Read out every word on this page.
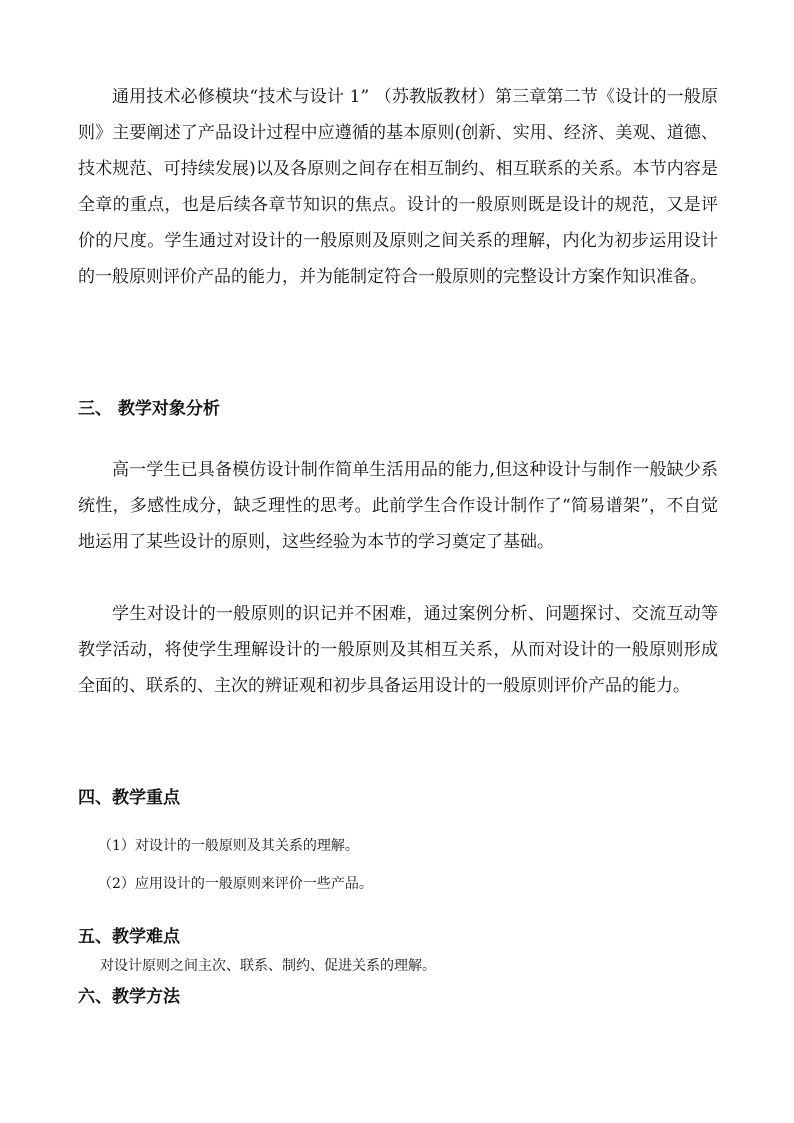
通用技术必修模块“技术与设计 1” （苏教版教材）第三章第二节《设计的一般原则》主要阐述了产品设计过程中应遵循的基本原则(创新、实用、经济、美观、道德、技术规范、可持续发展)以及各原则之间存在相互制约、相互联系的关系。本节内容是全章的重点，也是后续各章节知识的焦点。设计的一般原则既是设计的规范，又是评价的尺度。学生通过对设计的一般原则及原则之间关系的理解，内化为初步运用设计的一般原则评价产品的能力，并为能制定符合一般原则的完整设计方案作知识准备。

三、 教学对象分析

高一学生已具备模仿设计制作简单生活用品的能力,但这种设计与制作一般缺少系统性，多感性成分，缺乏理性的思考。此前学生合作设计制作了“简易谱架”，不自觉地运用了某些设计的原则，这些经验为本节的学习奠定了基础。

学生对设计的一般原则的识记并不困难，通过案例分析、问题探讨、交流互动等教学活动，将使学生理解设计的一般原则及其相互关系，从而对设计的一般原则形成全面的、联系的、主次的辨证观和初步具备运用设计的一般原则评价产品的能力。

四、教学重点

（1）对设计的一般原则及其关系的理解。

（2）应用设计的一般原则来评价一些产品。

五、教学难点

对设计原则之间主次、联系、制约、促进关系的理解。

六、教学方法
